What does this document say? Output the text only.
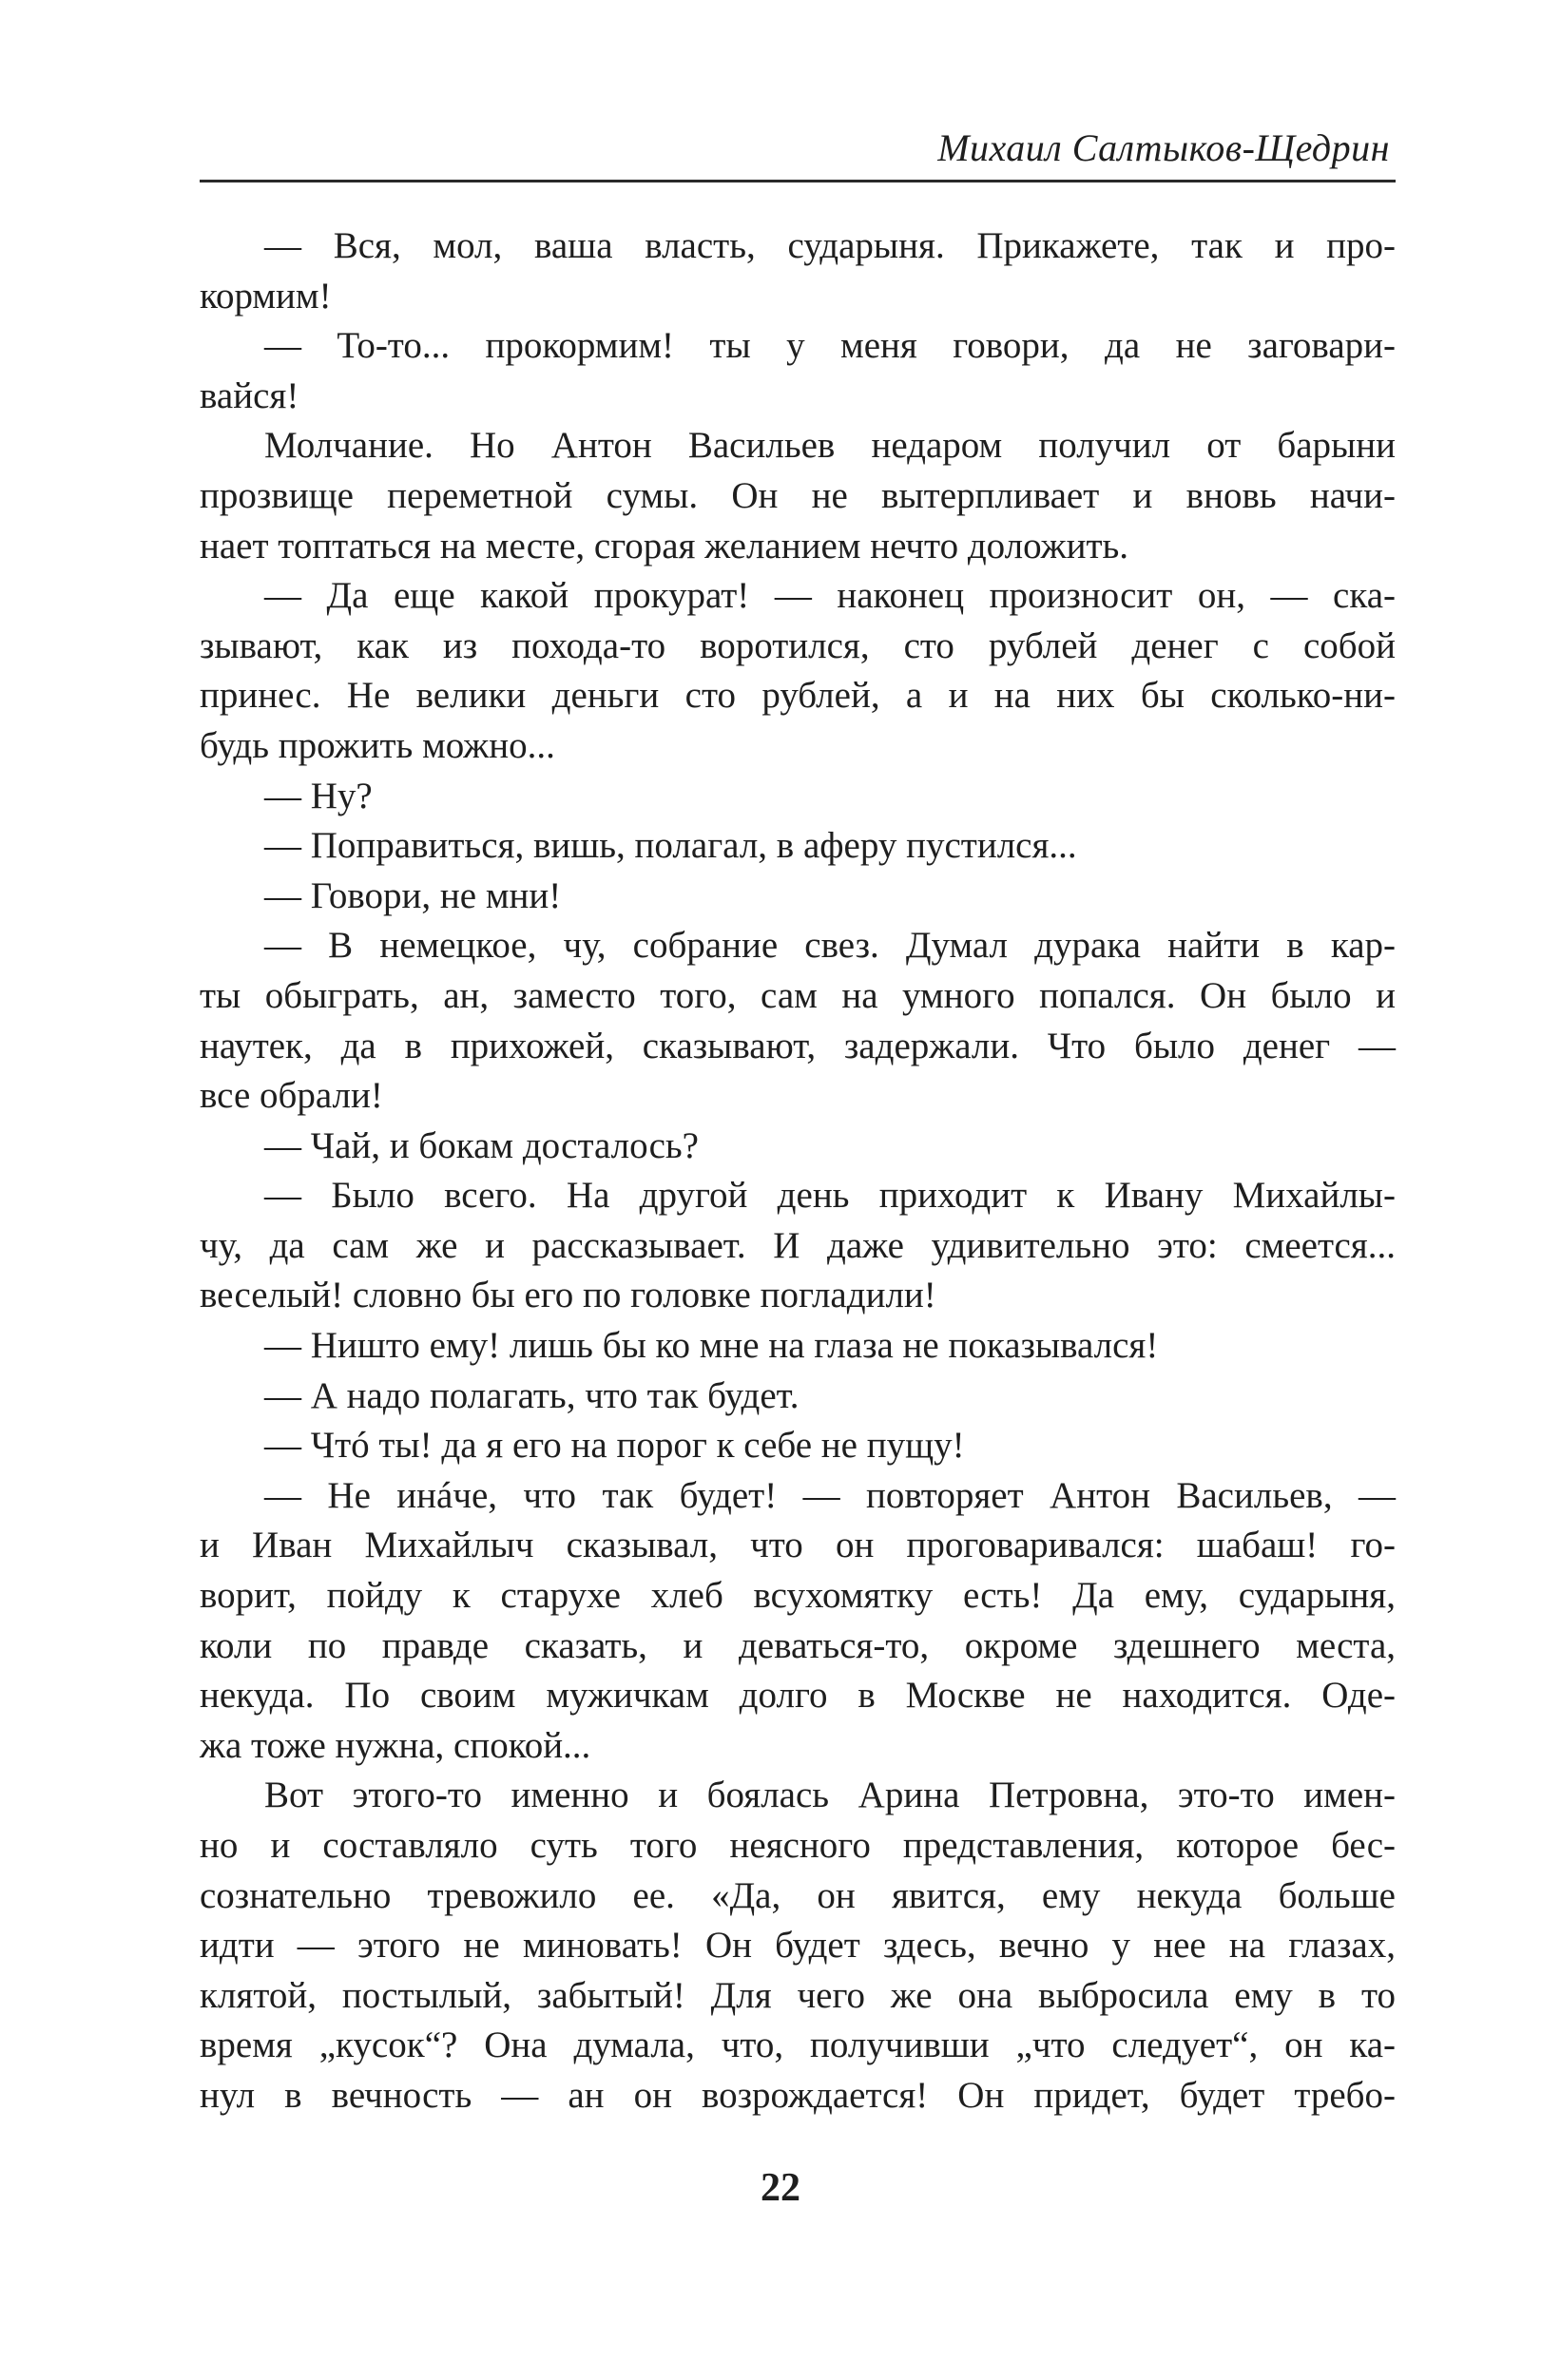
Михаил Салтыков-Щедрин
— Вся, мол, ваша власть, сударыня. Прикажете, так и про-
кормим!
— То-то... прокормим! ты у меня говори, да не заговари-
вайся!
Молчание. Но Антон Васильев недаром получил от барыни
прозвище переметной сумы. Он не вытерпливает и вновь начи-
нает топтаться на месте, сгорая желанием нечто доложить.
— Да еще какой прокурат! — наконец произносит он, — ска-
зывают, как из похода-то воротился, сто рублей денег с собой
принес. Не велики деньги сто рублей, а и на них бы сколько-ни-
будь прожить можно...
— Ну?
— Поправиться, вишь, полагал, в аферу пустился...
— Говори, не мни!
— В немецкое, чу, собрание свез. Думал дурака найти в кар-
ты обыграть, ан, заместо того, сам на умного попался. Он было и
наутек, да в прихожей, сказывают, задержали. Что было денег —
все обрали!
— Чай, и бокам досталось?
— Было всего. На другой день приходит к Ивану Михайлы-
чу, да сам же и рассказывает. И даже удивительно это: смеется...
веселый! словно бы его по головке погладили!
— Ништо ему! лишь бы ко мне на глаза не показывался!
— А надо полагать, что так будет.
— Чтó ты! да я его на порог к себе не пущу!
— Не инáче, что так будет! — повторяет Антон Васильев, —
и Иван Михайлыч сказывал, что он проговаривался: шабаш! го-
ворит, пойду к старухе хлеб всухомятку есть! Да ему, сударыня,
коли по правде сказать, и деваться-то, окроме здешнего места,
некуда. По своим мужичкам долго в Москве не находится. Оде-
жа тоже нужна, спокой...
Вот этого-то именно и боялась Арина Петровна, это-то имен-
но и составляло суть того неясного представления, которое бес-
сознательно тревожило ее. «Да, он явится, ему некуда больше
идти — этого не миновать! Он будет здесь, вечно у нее на глазах,
клятой, постылый, забытый! Для чего же она выбросила ему в то
время „кусок“? Она думала, что, получивши „что следует“, он ка-
нул в вечность — ан он возрождается! Он придет, будет требо-
22
